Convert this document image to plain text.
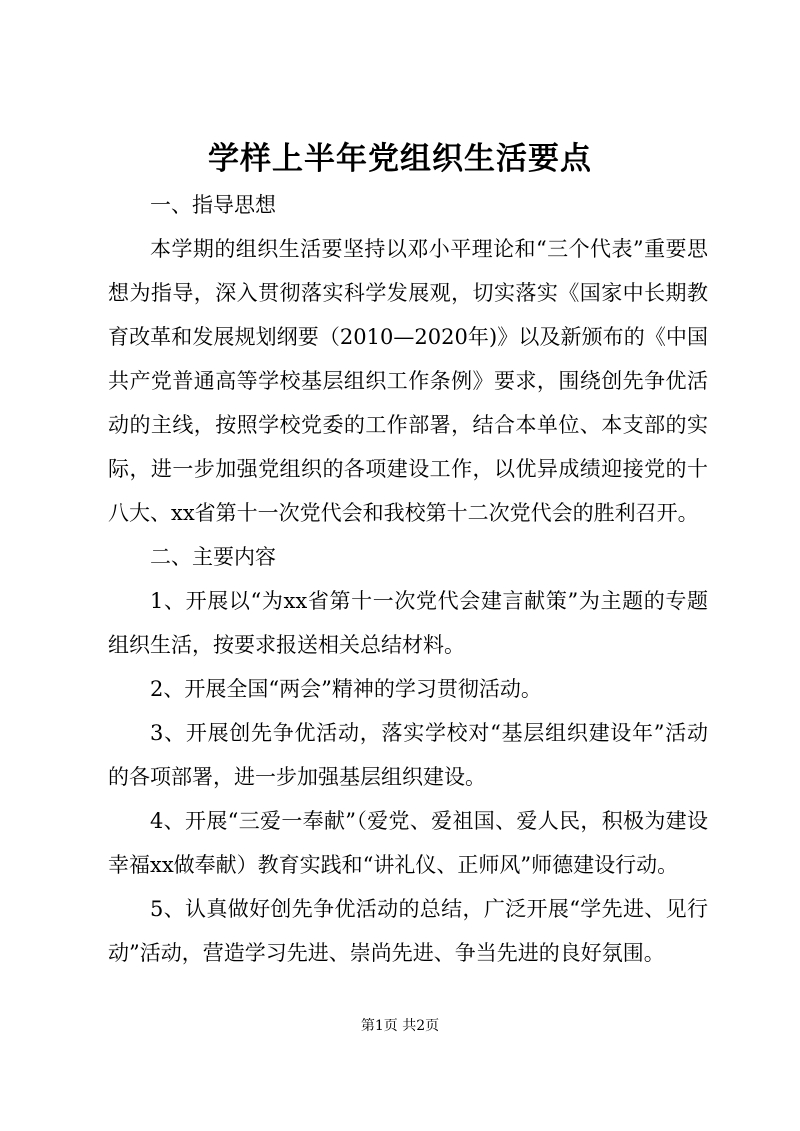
学样上半年党组织生活要点

一、指导思想

本学期的组织生活要坚持以邓小平理论和“三个代表”重要思想为指导，深入贯彻落实科学发展观，切实落实《国家中长期教育改革和发展规划纲要（2010—2020年)》以及新颁布的《中国共产党普通高等学校基层组织工作条例》要求，围绕创先争优活动的主线，按照学校党委的工作部署，结合本单位、本支部的实际，进一步加强党组织的各项建设工作，以优异成绩迎接党的十八大、xx省第十一次党代会和我校第十二次党代会的胜利召开。

二、主要内容

1、开展以“为xx省第十一次党代会建言献策”为主题的专题组织生活，按要求报送相关总结材料。

2、开展全国“两会”精神的学习贯彻活动。

3、开展创先争优活动，落实学校对“基层组织建设年”活动的各项部署，进一步加强基层组织建设。

4、开展“三爱一奉献”（爱党、爱祖国、爱人民，积极为建设幸福xx做奉献）教育实践和“讲礼仪、正师风”师德建设行动。

5、认真做好创先争优活动的总结，广泛开展“学先进、见行动”活动，营造学习先进、崇尚先进、争当先进的良好氛围。

第1页 共2页
